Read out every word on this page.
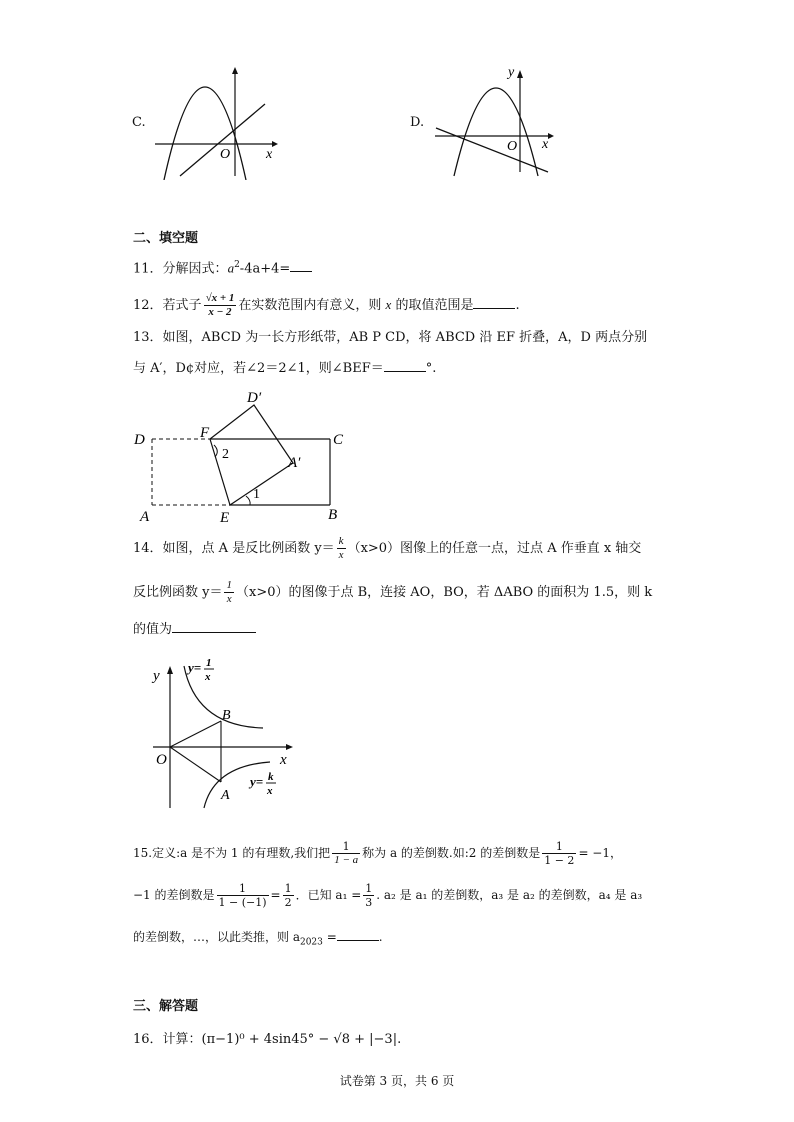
C.
O	x
D.
y
O x
二、填空题
11．分解因式：$a^2-4a+4=$
12．若式子 $\frac{√x + 1}{x - 2}$ 在实数范围内有意义，则 x 的取值范围是	.
13．如图，ABCD 为一长方形纸带，AB P CD，将 ABCD 沿 EF 折叠，A，D 两点分别
与 A′，D¢对应，若∠2＝2∠1，则∠BEF＝	°.
D	F	C
D′
A′
A	E	B
2
1
14．如图，点 A 是反比例函数 $y= \frac{k}{x} (x>0)$图像上的任意一点，过点 A 作垂直 x 轴交
反比例函数 $y= \frac{1}{x} (x>0)$的图像于点 B，连接 AO，BO，若 ΔABO 的面积为 1.5，则 k
的值为
y
x
O
B
A
y= 1
x
y= k
x
15.定义:a 是不为 1 的有理数,我们把 $\frac{1}{1 - a}$ 称为 a 的差倒数.如:2 的差倒数是 $\frac{1}{1 - 2} = -1$，
−1 的差倒数是 $\frac{1}{1 - (-1)} = \frac{1}{2}$ ．已知 $a_1 = \frac{1}{3}$ . a₂ 是 a₁ 的差倒数，a₃ 是 a₂ 的差倒数，a₄ 是 a₃
的差倒数，…，以此类推，则 $a_{2023}$ =	.
三、解答题
16．计算：(π−1)⁰ + 4sin45° − √8 + |−3|.
试卷第 3 页，共 6 页
